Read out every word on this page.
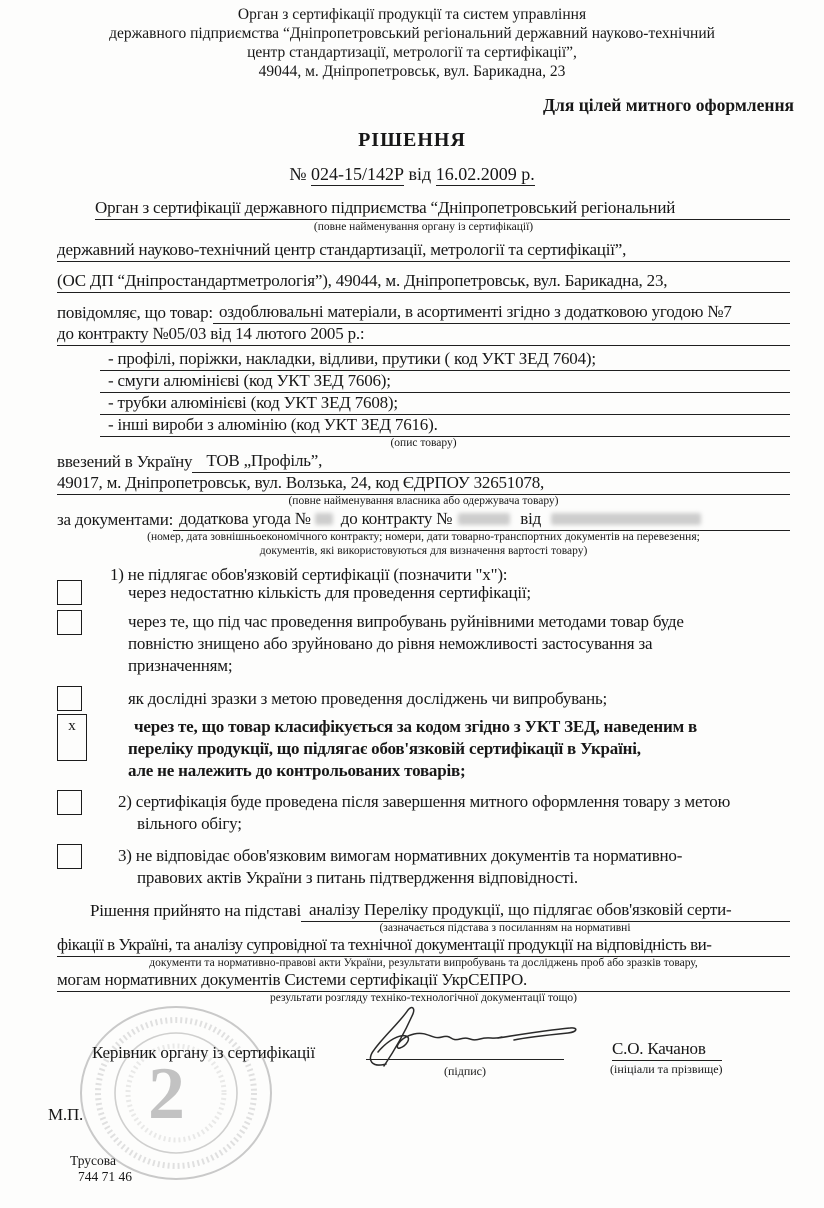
Орган з сертифікації продукції та систем управління
державного підприємства “Дніпропетровський регіональний державний науково-технічний
центр стандартизації, метрології та сертифікації”,
49044, м. Дніпропетровськ, вул. Барикадна, 23
Для цілей митного оформлення
РІШЕННЯ
№ 024-15/142Р від 16.02.2009 р.
Орган з сертифікації державного підприємства “Дніпропетровський регіональний
(повне найменування органу із сертифікації)
державний науково-технічний центр стандартизації, метрології та сертифікації”,
(ОС ДП “Дніпростандартметрологія”), 49044, м. Дніпропетровськ, вул. Барикадна, 23,
повідомляє, що товар: оздоблювальні матеріали, в асортименті згідно з додатковою угодою №7
до контракту №05/03 від 14 лютого 2005 р.:
- профілі, поріжки, накладки, відливи, прутики ( код УКТ ЗЕД 7604);
- смуги алюмінієві (код УКТ ЗЕД 7606);
- трубки алюмінієві (код УКТ ЗЕД 7608);
- інші вироби з алюмінію (код УКТ ЗЕД 7616).
(опис товару)
ввезений в Україну ТОВ „Профіль”,
49017, м. Дніпропетровськ, вул. Волзька, 24, код ЄДРПОУ 32651078,
(повне найменування власника або одержувача товару)
за документами: додаткова угода № до контракту №	від
(номер, дата зовнішньоекономічного контракту; номери, дати товарно-транспортних документів на перевезення;
документів, які використовуються для визначення вартості товару)
1) не підлягає обов'язковій сертифікації (позначити "х"):
через недостатню кількість для проведення сертифікації;
через те, що під час проведення випробувань руйнівними методами товар буде
повністю знищено або зруйновано до рівня неможливості застосування за
призначенням;
як дослідні зразки з метою проведення досліджень чи випробувань;
х	через те, що товар класифікується за кодом згідно з УКТ ЗЕД, наведеним в
переліку продукції, що підлягає обов'язковій сертифікації в Україні,
але не належить до контрольованих товарів;
2) сертифікація буде проведена після завершення митного оформлення товару з метою
вільного обігу;
3) не відповідає обов'язковим вимогам нормативних документів та нормативно-
правових актів України з питань підтвердження відповідності.
Рішення прийнято на підставі аналізу Переліку продукції, що підлягає обов'язковій серти-
(зазначається підстава з посиланням на нормативні
фікації в Україні, та аналізу супровідної та технічної документації продукції на відповідність ви-
документи та нормативно-правові акти України, результати випробувань та досліджень проб або зразків товару,
могам нормативних документів Системи сертифікації УкрСЕПРО.
результати розгляду техніко-технологічної документації тощо)
2
Керівник органу із сертифікації
(підпис)
С.О. Качанов
(ініціали та прізвище)
М.П.
Трусова
744 71 46
